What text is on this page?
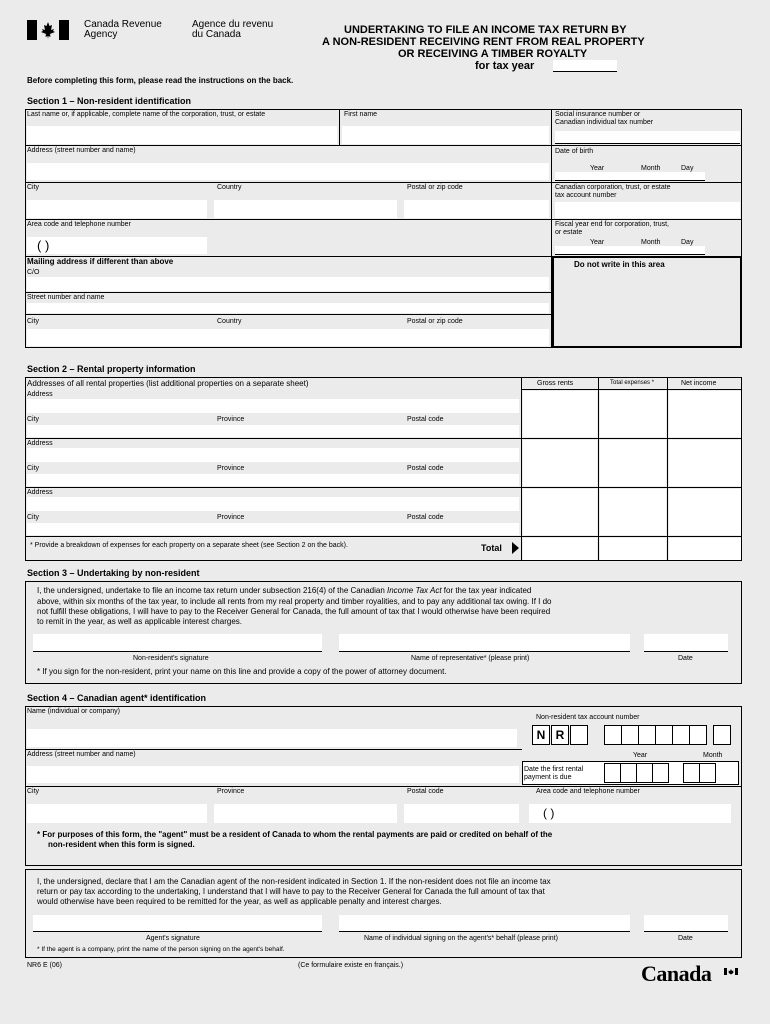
Canada Revenue
Agency
Agence du revenu
du Canada	UNDERTAKING TO FILE AN INCOME TAX RETURN BY
A NON-RESIDENT RECEIVING RENT FROM REAL PROPERTY
OR RECEIVING A TIMBER ROYALTY
for tax year
Before completing this form, please read the instructions on the back.
Section 1 – Non-resident identification
Last name or, if applicable, complete name of the corporation, trust, or estate	First name	Social insurance number or
Canadian individual tax number
Address (street number and name)	Date of birth
Year	Month	Day
City	Country	Postal or zip code	Canadian corporation, trust, or estate
tax account number
Area code and telephone number
( )
Fiscal year end for corporation, trust,
or estate
Year	Month	Day
Mailing address if different than above
C/O
Do not write in this area
Street number and name
City	Country	Postal or zip code
Section 2 – Rental property information
Addresses of all rental properties (list additional properties on a separate sheet)	Gross rents	Total expenses *	Net income
Address
City	Province	Postal code
Address
City	Province	Postal code
Address
City	Province	Postal code
* Provide a breakdown of expenses for each property on a separate sheet (see Section 2 on the back).	Total
Section 3 – Undertaking by non-resident
I, the undersigned, undertake to file an income tax return under subsection 216(4) of the Canadian Income Tax Act for the tax year indicated
above, within six months of the tax year, to include all rents from my real property and timber royalities, and to pay any additional tax owing. If I do
not fulfill these obligations, I will have to pay to the Receiver General for Canada, the full amount of tax that I would otherwise have been required
to remit in the year, as well as applicable interest charges.
Non-resident's signature	Name of representative* (please print)	Date
* If you sign for the non-resident, print your name on this line and provide a copy of the power of attorney document.
Section 4 – Canadian agent* identification
Name (individual or company)
Non-resident tax account number
N R
Address (street number and name)	Year	Month
Date the first rental
payment is due
City	Province	Postal code	Area code and telephone number
( )
* For purposes of this form, the "agent" must be a resident of Canada to whom the rental payments are paid or credited on behalf of the
non-resident when this form is signed.
I, the undersigned, declare that I am the Canadian agent of the non-resident indicated in Section 1. If the non-resident does not file an income tax
return or pay tax according to the undertaking, I understand that I will have to pay to the Receiver General for Canada the full amount of tax that
would otherwise have been required to be remitted for the year, as well as applicable penalty and interest charges.
Agent's signature	Name of individual signing on the agent's* behalf (please print)	Date
* If the agent is a company, print the name of the person signing on the agent's behalf.
NR6 E (06)	(Ce formulaire existe en français.)	Canada
